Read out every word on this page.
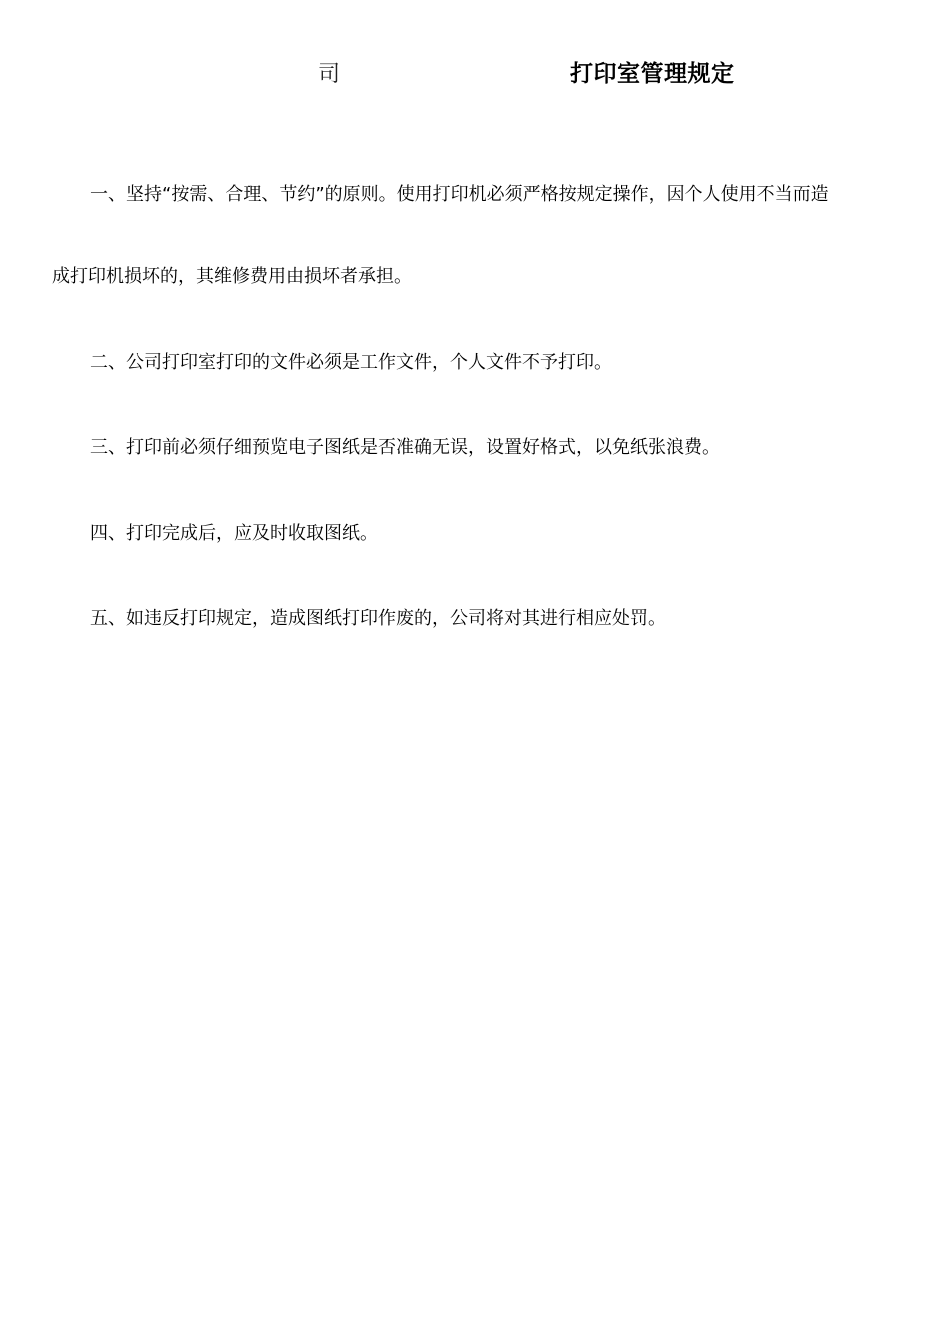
司	打印室管理规定
一、坚持“按需、合理、节约”的原则。使用打印机必须严格按规定操作，因个人使用不当而造
成打印机损坏的，其维修费用由损坏者承担。
二、公司打印室打印的文件必须是工作文件，个人文件不予打印。
三、打印前必须仔细预览电子图纸是否准确无误，设置好格式，以免纸张浪费。
四、打印完成后，应及时收取图纸。
五、如违反打印规定，造成图纸打印作废的，公司将对其进行相应处罚。
